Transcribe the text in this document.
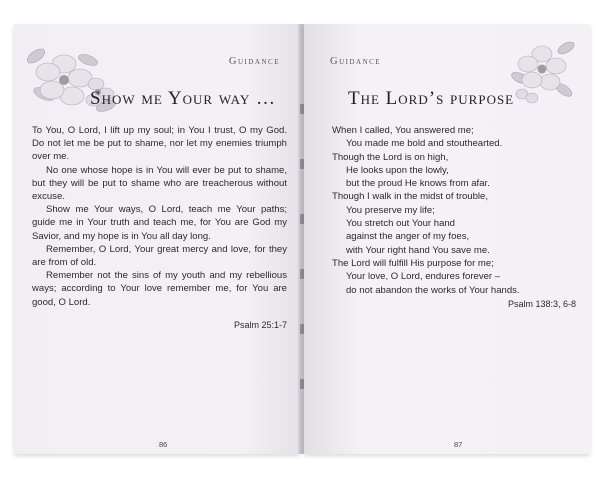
Guidance
Show me Your way …

To You, O Lord, I lift up my soul; in You I trust, O my God. Do not let me be put to shame, nor let my enemies triumph over me.

No one whose hope is in You will ever be put to shame, but they will be put to shame who are treacherous without excuse.

Show me Your ways, O Lord, teach me Your paths; guide me in Your truth and teach me, for You are God my Savior, and my hope is in You all day long.

Remember, O Lord, Your great mercy and love, for they are from of old.

Remember not the sins of my youth and my rebellious ways; according to Your love remember me, for You are good, O Lord.

Psalm 25:1-7
86
Guidance
The Lord’s purpose
When I called, You answered me;
You made me bold and stouthearted.
Though the Lord is on high,
He looks upon the lowly,
but the proud He knows from afar.
Though I walk in the midst of trouble,
You preserve my life;
You stretch out Your hand
against the anger of my foes,
with Your right hand You save me.
The Lord will fulfill His purpose for me;
Your love, O Lord, endures forever –
do not abandon the works of Your hands.
Psalm 138:3, 6-8
87
